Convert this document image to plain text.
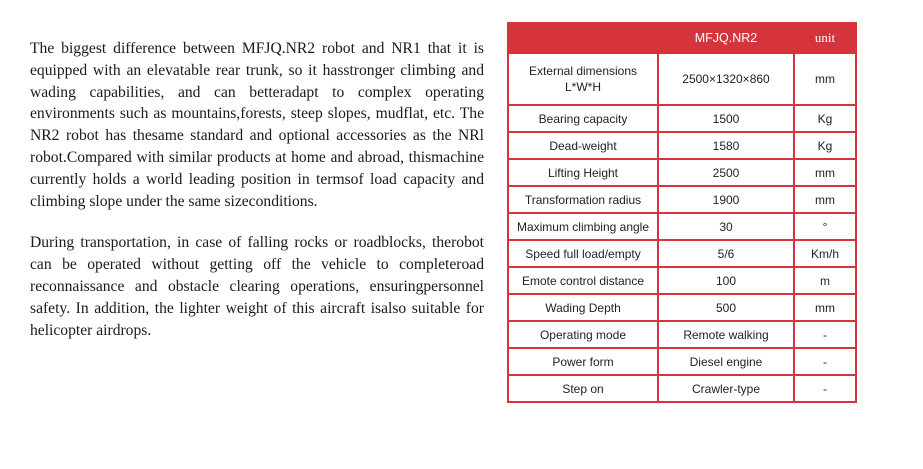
The biggest difference between MFJQ.NR2 robot and NR1 that it is equipped with an elevatable rear trunk, so it hasstronger climbing and wading capabilities, and can betteradapt to complex operating environments such as mountains,forests, steep slopes, mudflat, etc. The NR2 robot has thesame standard and optional accessories as the NRl robot.Compared with similar products at home and abroad, thismachine currently holds a world leading position in termsof load capacity and climbing slope under the same sizeconditions.

During transportation, in case of falling rocks or roadblocks, therobot can be operated without getting off the vehicle to completeroad reconnaissance and obstacle clearing operations, ensuringpersonnel safety. In addition, the lighter weight of this aircraft isalso suitable for helicopter airdrops.

	MFJQ.NR2	unit
External dimensions L*W*H	2500×1320×860	mm
Bearing capacity	1500	Kg
Dead-weight	1580	Kg
Lifting Height	2500	mm
Transformation radius	1900	mm
Maximum climbing angle	30	°
Speed full load/empty	5/6	Km/h
Emote control distance	100	m
Wading Depth	500	mm
Operating mode	Remote walking	-
Power form	Diesel engine	-
Step on	Crawler-type	-
